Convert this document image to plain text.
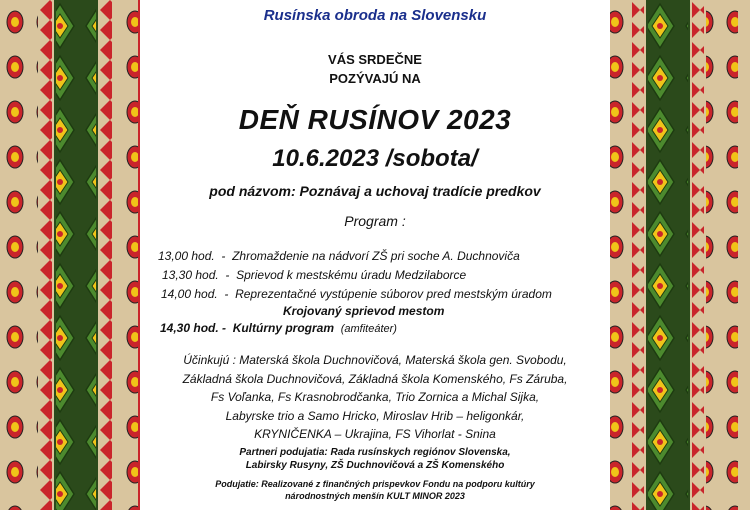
Rusínska obroda na Slovensku
VÁS SRDEČNE
POZÝVAJÚ NA
DEŇ RUSÍNOV 2023
10.6.2023 /sobota/
pod názvom: Poznávaj a uchovaj tradície predkov
Program :
13,00 hod.  -  Zhromaždenie na nádvorí ZŠ pri soche A. Duchnoviča
13,30 hod.  -  Sprievod k mestskému úradu Medzilaborce
14,00 hod.  -  Reprezentačné vystúpenie súborov pred mestským úradom
Krojovaný sprievod mestom
14,30 hod. -  Kultúrny program (amfiteáter)
Účinkujú : Materská škola Duchnovičová, Materská škola gen. Svobodu,
Základná škola Duchnovičová, Základná škola Komenského, Fs Záruba,
Fs Voľanka, Fs Krasnobrodčanka, Trio Zornica a Michal Sijka,
Labyrske trio a Samo Hricko, Miroslav Hrib – heligonkár,
KRYNIČENKA – Ukrajina, FS Vihorlat - Snina
Partneri podujatia: Rada rusínskych regiónov Slovenska,
Labirsky Rusyny, ZŠ Duchnovičová a ZŠ Komenského
Podujatie: Realizované z finančných prispevkov Fondu na podporu kultúry
národnostných menšín KULT MINOR 2023
